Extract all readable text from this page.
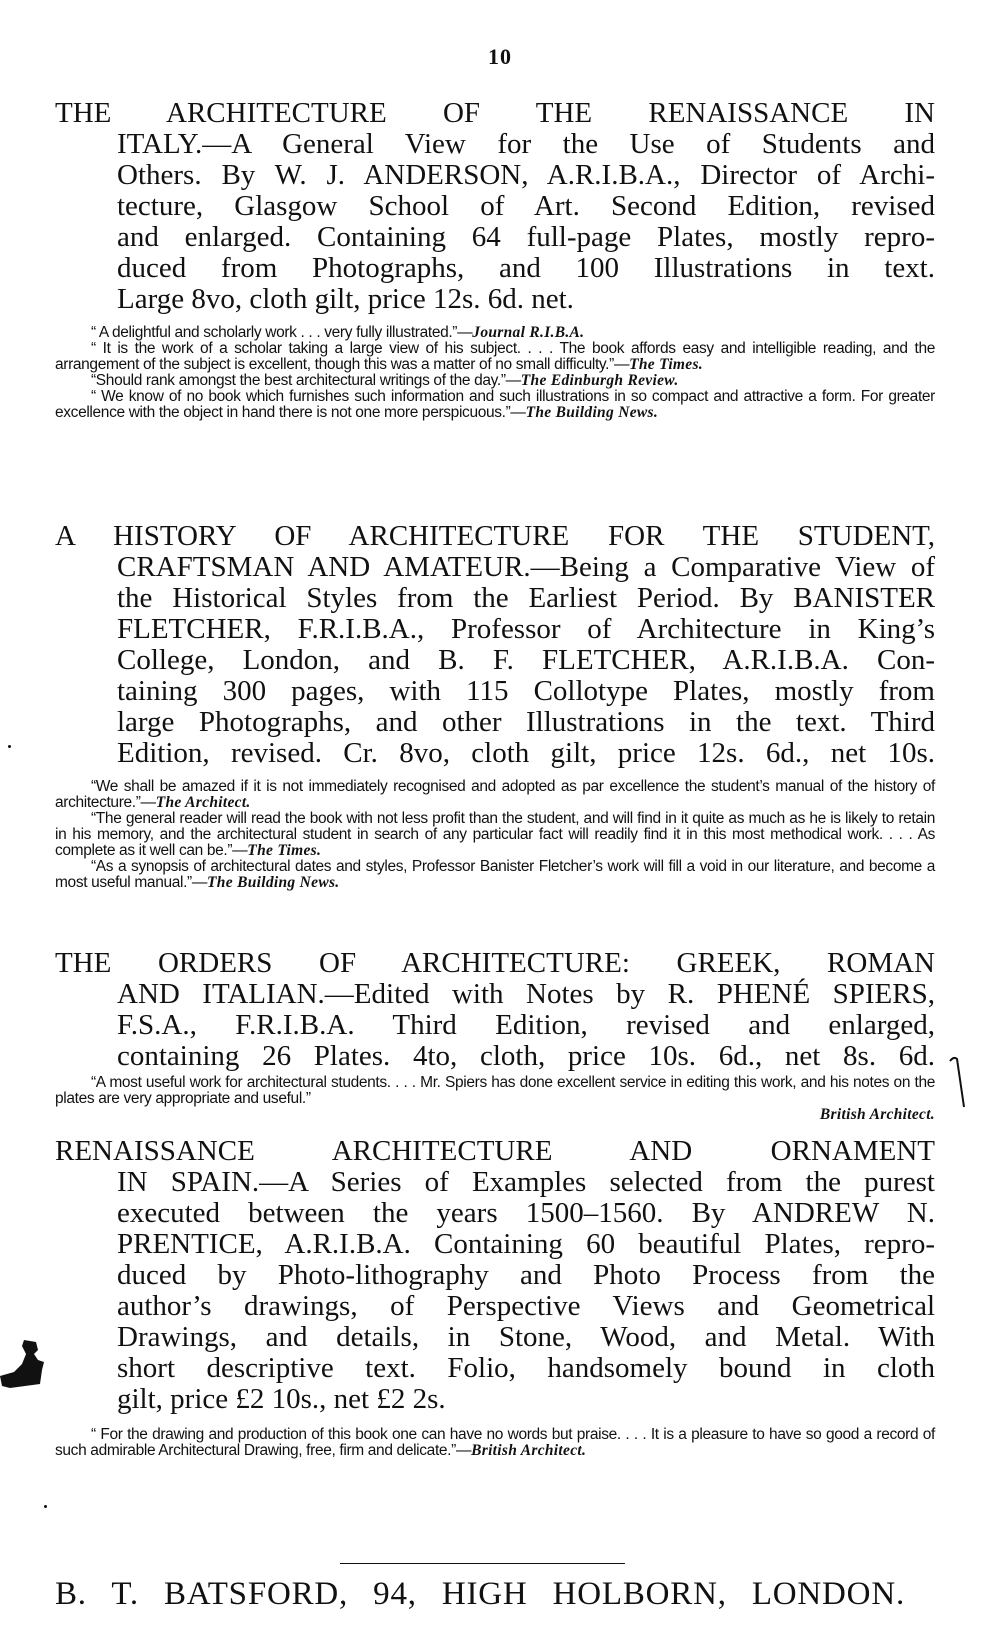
10
THE ARCHITECTURE OF THE RENAISSANCE IN
ITALY.—A General View for the Use of Students and
Others. By W. J. ANDERSON, A.R.I.B.A., Director of Archi-
tecture, Glasgow School of Art. Second Edition, revised
and enlarged. Containing 64 full-page Plates, mostly repro-
duced from Photographs, and 100 Illustrations in text.
Large 8vo, cloth gilt, price 12s. 6d. net.

“ A delightful and scholarly work . . . very fully illustrated.”—Journal R.I.B.A.

“ It is the work of a scholar taking a large view of his subject. . . . The book affords easy and intelligible reading, and the arrangement of the subject is excellent, though this was a matter of no small difficulty.”—The Times.

“Should rank amongst the best architectural writings of the day.”—The Edinburgh Review.

“ We know of no book which furnishes such information and such illustrations in so compact and attractive a form. For greater excellence with the object in hand there is not one more perspicuous.”—The Building News.

A HISTORY OF ARCHITECTURE FOR THE STUDENT,
CRAFTSMAN AND AMATEUR.—Being a Comparative View of
the Historical Styles from the Earliest Period. By BANISTER
FLETCHER, F.R.I.B.A., Professor of Architecture in King’s
College, London, and B. F. FLETCHER, A.R.I.B.A. Con-
taining 300 pages, with 115 Collotype Plates, mostly from
large Photographs, and other Illustrations in the text. Third
Edition, revised. Cr. 8vo, cloth gilt, price 12s. 6d., net 10s.

“We shall be amazed if it is not immediately recognised and adopted as par excellence the student’s manual of the history of architecture.”—The Architect.

“The general reader will read the book with not less profit than the student, and will find in it quite as much as he is likely to retain in his memory, and the architectural student in search of any particular fact will readily find it in this most methodical work. . . . As complete as it well can be.”—The Times.

“As a synopsis of architectural dates and styles, Professor Banister Fletcher’s work will fill a void in our literature, and become a most useful manual.”—The Building News.

THE ORDERS OF ARCHITECTURE: GREEK, ROMAN
AND ITALIAN.—Edited with Notes by R. PHENÉ SPIERS,
F.S.A., F.R.I.B.A. Third Edition, revised and enlarged,
containing 26 Plates. 4to, cloth, price 10s. 6d., net 8s. 6d.

“A most useful work for architectural students. . . . Mr. Spiers has done excellent service in editing this work, and his notes on the plates are very appropriate and useful.”

British Architect.

RENAISSANCE ARCHITECTURE AND ORNAMENT
IN SPAIN.—A Series of Examples selected from the purest
executed between the years 1500–1560. By ANDREW N.
PRENTICE, A.R.I.B.A. Containing 60 beautiful Plates, repro-
duced by Photo-lithography and Photo Process from the
author’s drawings, of Perspective Views and Geometrical
Drawings, and details, in Stone, Wood, and Metal. With
short descriptive text. Folio, handsomely bound in cloth
gilt, price £2 10s., net £2 2s.

“ For the drawing and production of this book one can have no words but praise. . . . It is a pleasure to have so good a record of such admirable Architectural Drawing, free, firm and delicate.”—British Architect.

B. T. BATSFORD, 94, HIGH HOLBORN, LONDON.
